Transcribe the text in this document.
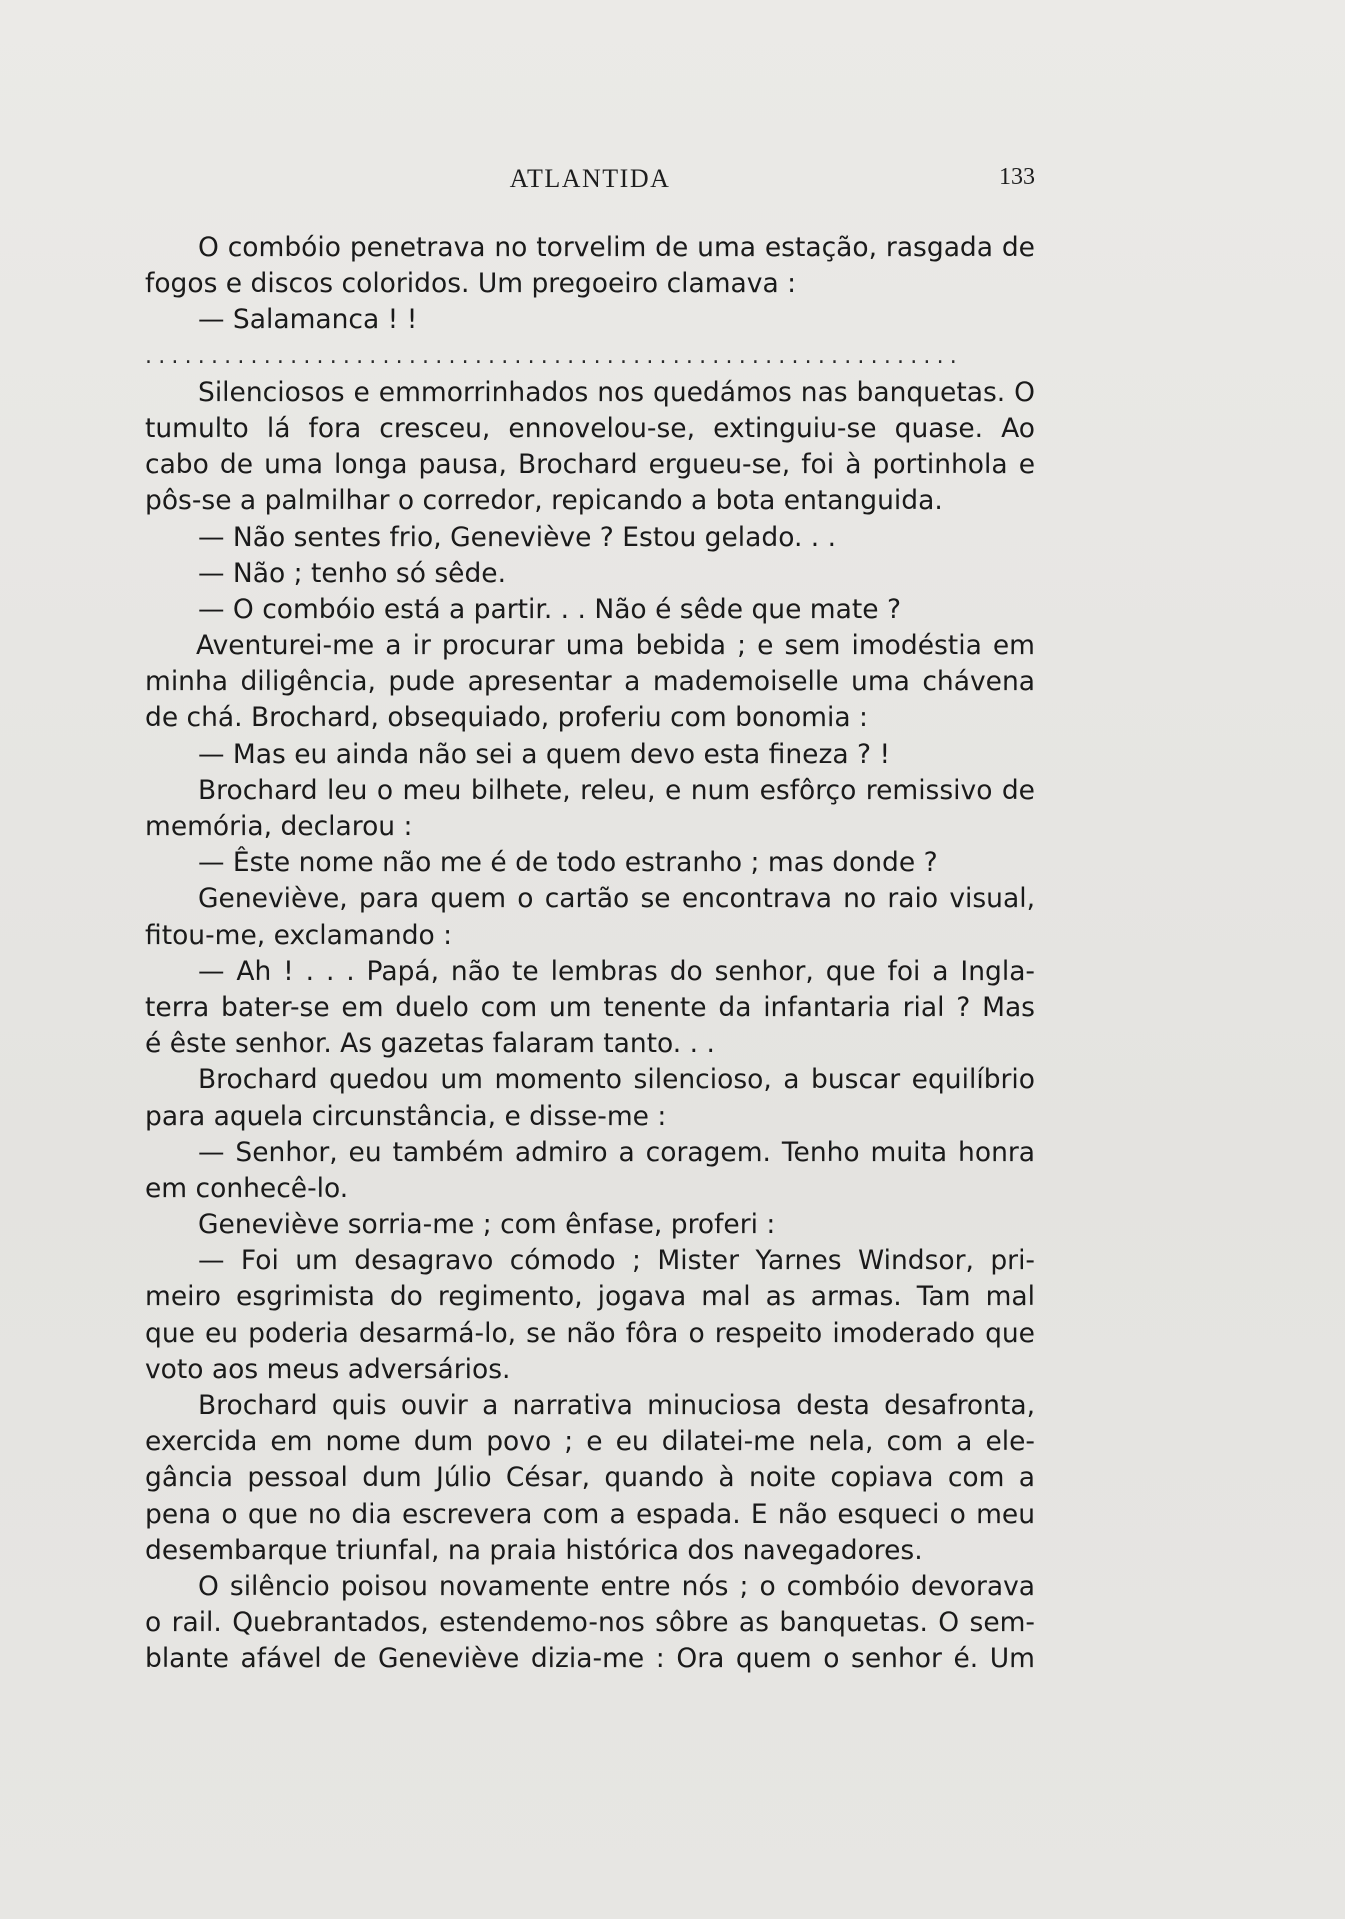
ATLANTIDA	133
O combóio penetrava no torvelim de uma estação, rasgada de
fogos e discos coloridos. Um pregoeiro clamava :
— Salamanca ! !
..............................................................
Silenciosos e emmorrinhados nos quedámos nas banquetas. O
tumulto lá fora cresceu, ennovelou-se, extinguiu-se quase. Ao
cabo de uma longa pausa, Brochard ergueu-se, foi à portinhola e
pôs-se a palmilhar o corredor, repicando a bota entanguida.
— Não sentes frio, Geneviève ? Estou gelado. . .
— Não ; tenho só sêde.
— O combóio está a partir. . . Não é sêde que mate ?
Aventurei-me a ir procurar uma bebida ; e sem imodéstia em
minha diligência, pude apresentar a mademoiselle uma chávena
de chá. Brochard, obsequiado, proferiu com bonomia :
— Mas eu ainda não sei a quem devo esta fineza ? !
Brochard leu o meu bilhete, releu, e num esfôrço remissivo de
memória, declarou :
— Êste nome não me é de todo estranho ; mas donde ?
Geneviève, para quem o cartão se encontrava no raio visual,
fitou-me, exclamando :
— Ah ! . . . Papá, não te lembras do senhor, que foi a Ingla-
terra bater-se em duelo com um tenente da infantaria rial ? Mas
é êste senhor. As gazetas falaram tanto. . .
Brochard quedou um momento silencioso, a buscar equilíbrio
para aquela circunstância, e disse-me :
— Senhor, eu também admiro a coragem. Tenho muita honra
em conhecê-lo.
Geneviève sorria-me ; com ênfase, proferi :
— Foi um desagravo cómodo ; Mister Yarnes Windsor, pri-
meiro esgrimista do regimento, jogava mal as armas. Tam mal
que eu poderia desarmá-lo, se não fôra o respeito imoderado que
voto aos meus adversários.
Brochard quis ouvir a narrativa minuciosa desta desafronta,
exercida em nome dum povo ; e eu dilatei-me nela, com a ele-
gância pessoal dum Júlio César, quando à noite copiava com a
pena o que no dia escrevera com a espada. E não esqueci o meu
desembarque triunfal, na praia histórica dos navegadores.
O silêncio poisou novamente entre nós ; o combóio devorava
o rail. Quebrantados, estendemo-nos sôbre as banquetas. O sem-
blante afável de Geneviève dizia-me : Ora quem o senhor é. Um
